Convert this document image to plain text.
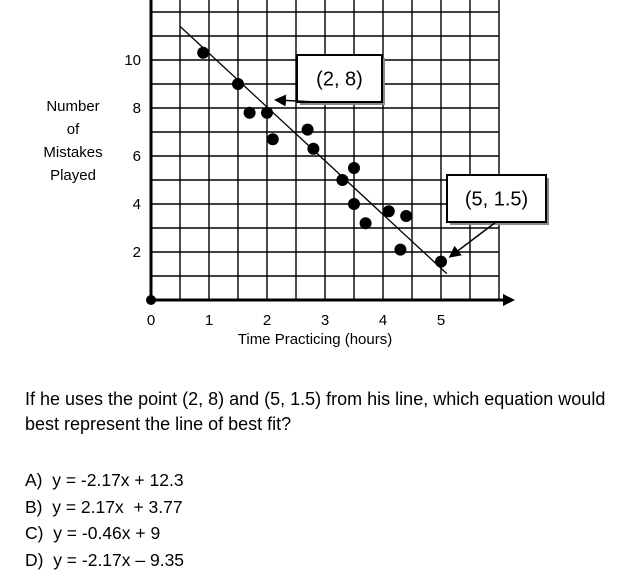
0	1	2	3	4	5
2
4
6
8
10
(2, 8)
(5, 1.5)
Number
of
Mistakes
Played
Time Practicing (hours)
If he uses the point (2, 8) and (5, 1.5) from his line, which equation would best represent the line of best fit?
A)  y = -2.17x + 12.3
B)  y = 2.17x  + 3.77
C)  y = -0.46x + 9
D)  y = -2.17x – 9.35
